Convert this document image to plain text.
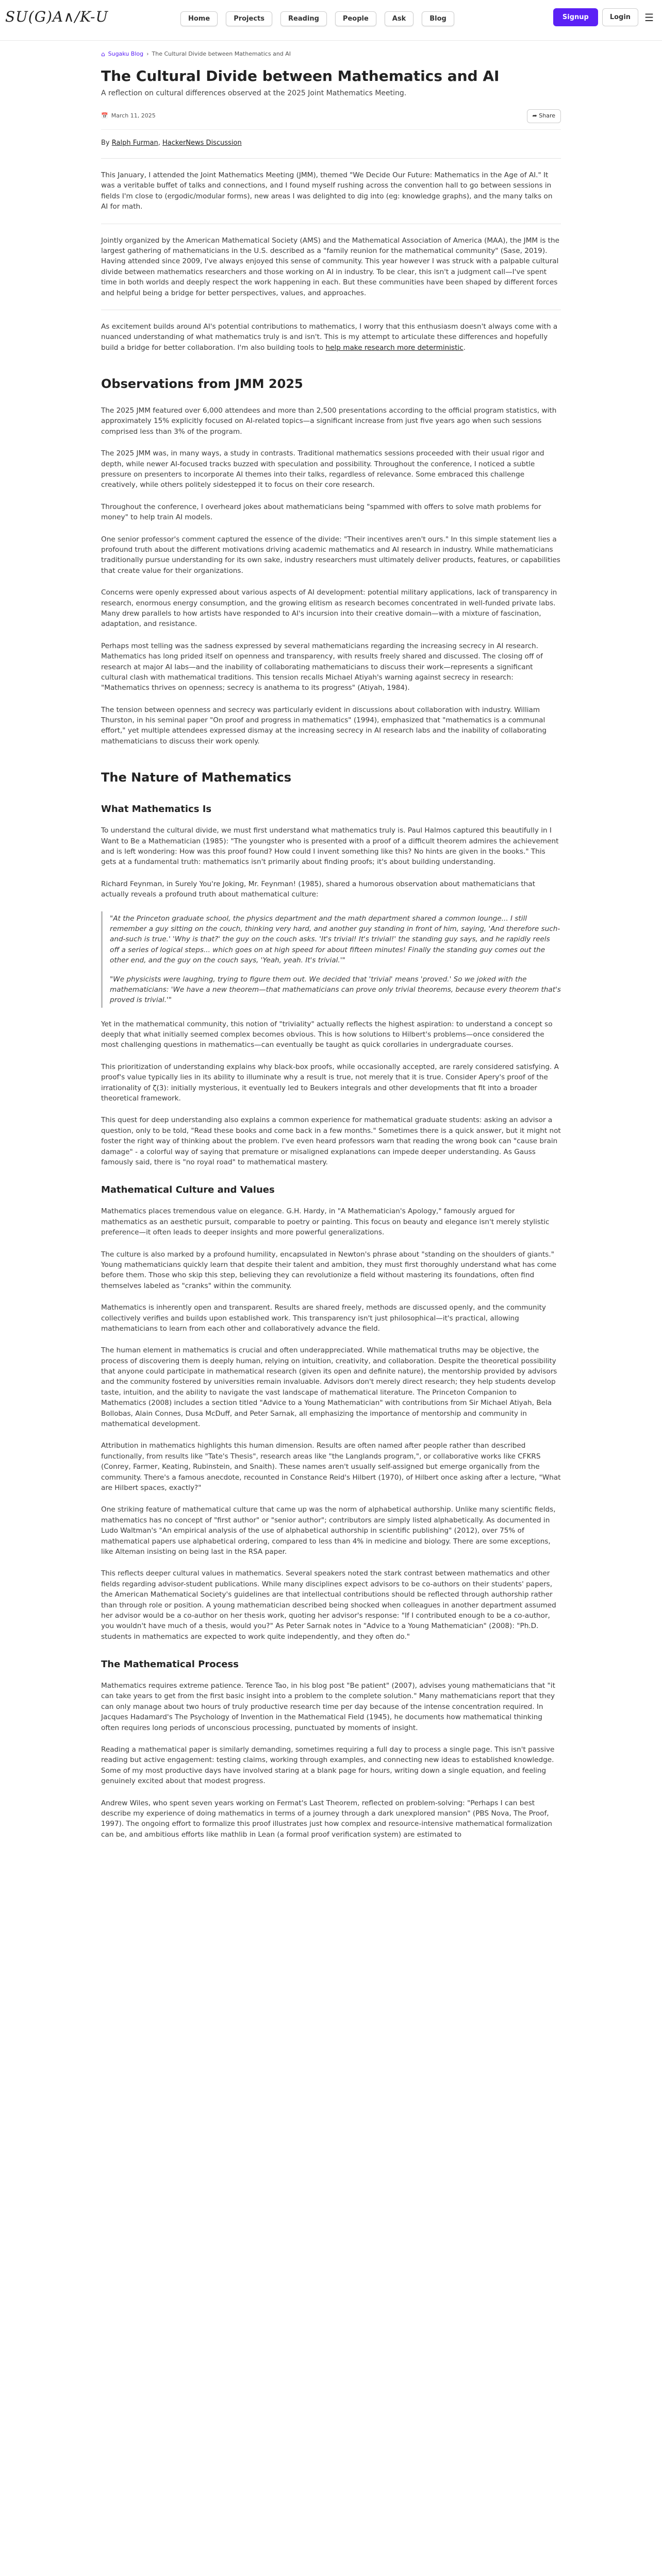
SU(G)A∧/K-U	Home	Projects	Reading	People	Ask	Blog	Signup	Login	☰
⌂ Sugaku Blog › The Cultural Divide between Mathematics and AI
The Cultural Divide between Mathematics and AI
A reflection on cultural differences observed at the 2025 Joint Mathematics Meeting.
📅 March 11, 2025	➦ Share
By Ralph Furman, HackerNews Discussion

This January, I attended the Joint Mathematics Meeting (JMM), themed "We Decide Our Future: Mathematics in the Age of AI." It was a veritable buffet of talks and connections, and I found myself rushing across the convention hall to go between sessions in fields I'm close to (ergodic/modular forms), new areas I was delighted to dig into (eg: knowledge graphs), and the many talks on AI for math.

Jointly organized by the American Mathematical Society (AMS) and the Mathematical Association of America (MAA), the JMM is the largest gathering of mathematicians in the U.S. described as a "family reunion for the mathematical community" (Sase, 2019). Having attended since 2009, I've always enjoyed this sense of community. This year however I was struck with a palpable cultural divide between mathematics researchers and those working on AI in industry. To be clear, this isn't a judgment call—I've spent time in both worlds and deeply respect the work happening in each. But these communities have been shaped by different forces and helpful being a bridge for better perspectives, values, and approaches.

As excitement builds around AI's potential contributions to mathematics, I worry that this enthusiasm doesn't always come with a nuanced understanding of what mathematics truly is and isn't. This is my attempt to articulate these differences and hopefully build a bridge for better collaboration. I'm also building tools to help make research more deterministic.

Observations from JMM 2025

The 2025 JMM featured over 6,000 attendees and more than 2,500 presentations according to the official program statistics, with approximately 15% explicitly focused on AI-related topics—a significant increase from just five years ago when such sessions comprised less than 3% of the program.

The 2025 JMM was, in many ways, a study in contrasts. Traditional mathematics sessions proceeded with their usual rigor and depth, while newer AI-focused tracks buzzed with speculation and possibility. Throughout the conference, I noticed a subtle pressure on presenters to incorporate AI themes into their talks, regardless of relevance. Some embraced this challenge creatively, while others politely sidestepped it to focus on their core research.

Throughout the conference, I overheard jokes about mathematicians being "spammed with offers to solve math problems for money" to help train AI models.

One senior professor's comment captured the essence of the divide: "Their incentives aren't ours." In this simple statement lies a profound truth about the different motivations driving academic mathematics and AI research in industry. While mathematicians traditionally pursue understanding for its own sake, industry researchers must ultimately deliver products, features, or capabilities that create value for their organizations.

Concerns were openly expressed about various aspects of AI development: potential military applications, lack of transparency in research, enormous energy consumption, and the growing elitism as research becomes concentrated in well-funded private labs. Many drew parallels to how artists have responded to AI's incursion into their creative domain—with a mixture of fascination, adaptation, and resistance.

Perhaps most telling was the sadness expressed by several mathematicians regarding the increasing secrecy in AI research. Mathematics has long prided itself on openness and transparency, with results freely shared and discussed. The closing off of research at major AI labs—and the inability of collaborating mathematicians to discuss their work—represents a significant cultural clash with mathematical traditions. This tension recalls Michael Atiyah's warning against secrecy in research: "Mathematics thrives on openness; secrecy is anathema to its progress" (Atiyah, 1984).

The tension between openness and secrecy was particularly evident in discussions about collaboration with industry. William Thurston, in his seminal paper "On proof and progress in mathematics" (1994), emphasized that "mathematics is a communal effort," yet multiple attendees expressed dismay at the increasing secrecy in AI research labs and the inability of collaborating mathematicians to discuss their work openly.

The Nature of Mathematics
What Mathematics Is

To understand the cultural divide, we must first understand what mathematics truly is. Paul Halmos captured this beautifully in I Want to Be a Mathematician (1985): "The youngster who is presented with a proof of a difficult theorem admires the achievement and is left wondering: How was this proof found? How could I invent something like this? No hints are given in the books." This gets at a fundamental truth: mathematics isn't primarily about finding proofs; it's about building understanding.

Richard Feynman, in Surely You're Joking, Mr. Feynman! (1985), shared a humorous observation about mathematicians that actually reveals a profound truth about mathematical culture:

"At the Princeton graduate school, the physics department and the math department shared a common lounge... I still remember a guy sitting on the couch, thinking very hard, and another guy standing in front of him, saying, 'And therefore such-and-such is true.' 'Why is that?' the guy on the couch asks. 'It's trivial! It's trivial!' the standing guy says, and he rapidly reels off a series of logical steps... which goes on at high speed for about fifteen minutes! Finally the standing guy comes out the other end, and the guy on the couch says, 'Yeah, yeah. It's trivial.'"

"We physicists were laughing, trying to figure them out. We decided that 'trivial' means 'proved.' So we joked with the mathematicians: 'We have a new theorem—that mathematicians can prove only trivial theorems, because every theorem that's proved is trivial.'"

Yet in the mathematical community, this notion of "triviality" actually reflects the highest aspiration: to understand a concept so deeply that what initially seemed complex becomes obvious. This is how solutions to Hilbert's problems—once considered the most challenging questions in mathematics—can eventually be taught as quick corollaries in undergraduate courses.

This prioritization of understanding explains why black-box proofs, while occasionally accepted, are rarely considered satisfying. A proof's value typically lies in its ability to illuminate why a result is true, not merely that it is true. Consider Apery's proof of the irrationality of ζ(3): initially mysterious, it eventually led to Beukers integrals and other developments that fit into a broader theoretical framework.

This quest for deep understanding also explains a common experience for mathematical graduate students: asking an advisor a question, only to be told, "Read these books and come back in a few months." Sometimes there is a quick answer, but it might not foster the right way of thinking about the problem. I've even heard professors warn that reading the wrong book can "cause brain damage" - a colorful way of saying that premature or misaligned explanations can impede deeper understanding. As Gauss famously said, there is "no royal road" to mathematical mastery.

Mathematical Culture and Values

Mathematics places tremendous value on elegance. G.H. Hardy, in "A Mathematician's Apology," famously argued for mathematics as an aesthetic pursuit, comparable to poetry or painting. This focus on beauty and elegance isn't merely stylistic preference—it often leads to deeper insights and more powerful generalizations.

The culture is also marked by a profound humility, encapsulated in Newton's phrase about "standing on the shoulders of giants." Young mathematicians quickly learn that despite their talent and ambition, they must first thoroughly understand what has come before them. Those who skip this step, believing they can revolutionize a field without mastering its foundations, often find themselves labeled as "cranks" within the community.

Mathematics is inherently open and transparent. Results are shared freely, methods are discussed openly, and the community collectively verifies and builds upon established work. This transparency isn't just philosophical—it's practical, allowing mathematicians to learn from each other and collaboratively advance the field.

The human element in mathematics is crucial and often underappreciated. While mathematical truths may be objective, the process of discovering them is deeply human, relying on intuition, creativity, and collaboration. Despite the theoretical possibility that anyone could participate in mathematical research (given its open and definite nature), the mentorship provided by advisors and the community fostered by universities remain invaluable. Advisors don't merely direct research; they help students develop taste, intuition, and the ability to navigate the vast landscape of mathematical literature. The Princeton Companion to Mathematics (2008) includes a section titled "Advice to a Young Mathematician" with contributions from Sir Michael Atiyah, Bela Bollobas, Alain Connes, Dusa McDuff, and Peter Sarnak, all emphasizing the importance of mentorship and community in mathematical development.

Attribution in mathematics highlights this human dimension. Results are often named after people rather than described functionally, from results like "Tate's Thesis", research areas like "the Langlands program,", or collaborative works like CFKRS (Conrey, Farmer, Keating, Rubinstein, and Snaith). These names aren't usually self-assigned but emerge organically from the community. There's a famous anecdote, recounted in Constance Reid's Hilbert (1970), of Hilbert once asking after a lecture, "What are Hilbert spaces, exactly?"

One striking feature of mathematical culture that came up was the norm of alphabetical authorship. Unlike many scientific fields, mathematics has no concept of "first author" or "senior author"; contributors are simply listed alphabetically. As documented in Ludo Waltman's "An empirical analysis of the use of alphabetical authorship in scientific publishing" (2012), over 75% of mathematical papers use alphabetical ordering, compared to less than 4% in medicine and biology. There are some exceptions, like Alteman insisting on being last in the RSA paper.

This reflects deeper cultural values in mathematics. Several speakers noted the stark contrast between mathematics and other fields regarding advisor-student publications. While many disciplines expect advisors to be co-authors on their students' papers, the American Mathematical Society's guidelines are that intellectual contributions should be reflected through authorship rather than through role or position. A young mathematician described being shocked when colleagues in another department assumed her advisor would be a co-author on her thesis work, quoting her advisor's response: "If I contributed enough to be a co-author, you wouldn't have much of a thesis, would you?" As Peter Sarnak notes in "Advice to a Young Mathematician" (2008): "Ph.D. students in mathematics are expected to work quite independently, and they often do."

The Mathematical Process

Mathematics requires extreme patience. Terence Tao, in his blog post "Be patient" (2007), advises young mathematicians that "it can take years to get from the first basic insight into a problem to the complete solution." Many mathematicians report that they can only manage about two hours of truly productive research time per day because of the intense concentration required. In Jacques Hadamard's The Psychology of Invention in the Mathematical Field (1945), he documents how mathematical thinking often requires long periods of unconscious processing, punctuated by moments of insight.

Reading a mathematical paper is similarly demanding, sometimes requiring a full day to process a single page. This isn't passive reading but active engagement: testing claims, working through examples, and connecting new ideas to established knowledge. Some of my most productive days have involved staring at a blank page for hours, writing down a single equation, and feeling genuinely excited about that modest progress.

Andrew Wiles, who spent seven years working on Fermat's Last Theorem, reflected on problem-solving: "Perhaps I can best describe my experience of doing mathematics in terms of a journey through a dark unexplored mansion" (PBS Nova, The Proof, 1997). The ongoing effort to formalize this proof illustrates just how complex and resource-intensive mathematical formalization can be, and ambitious efforts like mathlib in Lean (a formal proof verification system) are estimated to
